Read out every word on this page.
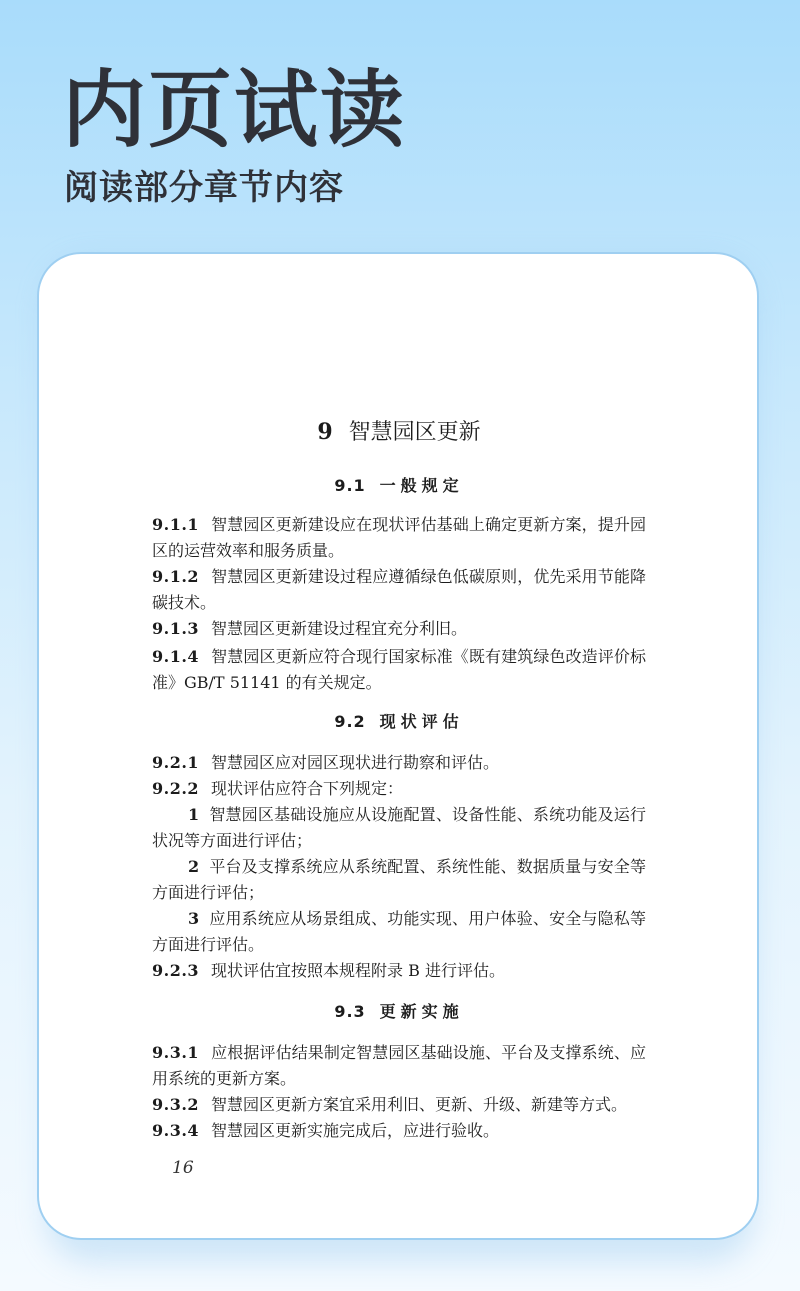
内页试读
阅读部分章节内容
9 智慧园区更新
9.1 一般规定

9.1.1 智慧园区更新建设应在现状评估基础上确定更新方案，提升园区的运营效率和服务质量。

9.1.2 智慧园区更新建设过程应遵循绿色低碳原则，优先采用节能降碳技术。

9.1.3 智慧园区更新建设过程宜充分利旧。

9.1.4 智慧园区更新应符合现行国家标准《既有建筑绿色改造评价标准》GB/T 51141 的有关规定。

9.2 现状评估

9.2.1 智慧园区应对园区现状进行勘察和评估。

9.2.2 现状评估应符合下列规定：

1 智慧园区基础设施应从设施配置、设备性能、系统功能及运行状况等方面进行评估；

2 平台及支撑系统应从系统配置、系统性能、数据质量与安全等方面进行评估；

3 应用系统应从场景组成、功能实现、用户体验、安全与隐私等方面进行评估。

9.2.3 现状评估宜按照本规程附录 B 进行评估。

9.3 更新实施

9.3.1 应根据评估结果制定智慧园区基础设施、平台及支撑系统、应用系统的更新方案。

9.3.2 智慧园区更新方案宜采用利旧、更新、升级、新建等方式。

9.3.4 智慧园区更新实施完成后，应进行验收。

16
